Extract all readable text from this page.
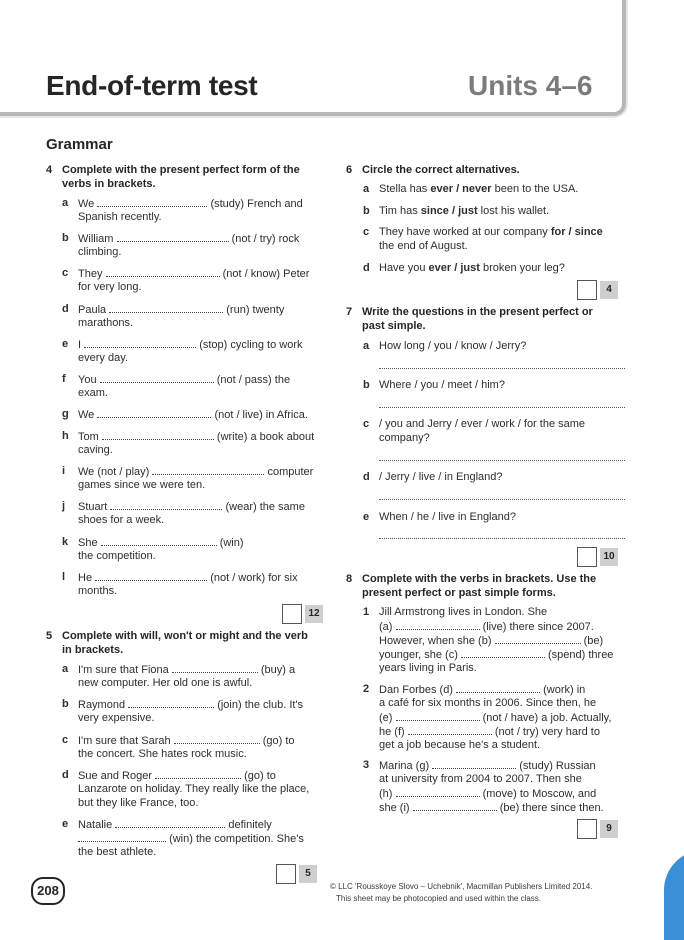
End-of-term test	Units 4–6
Grammar
4 Complete with the present perfect form of the
verbs in brackets.
a We	(study) French and
Spanish recently.
b William	(not / try) rock
climbing.
c They	(not / know) Peter
for very long.
d Paula	(run) twenty
marathons.
e I	(stop) cycling to work
every day.
f You	(not / pass) the
exam.
g We	(not / live) in Africa.
h Tom	(write) a book about
caving.
i We (not / play)	computer
games since we were ten.
j Stuart	(wear) the same
shoes for a week.
k She	(win)
the competition.
l He	(not / work) for six
months.
12
5 Complete with will, won't or might and the verb
in brackets.
a I'm sure that Fiona	(buy) a
new computer. Her old one is awful.
b Raymond	(join) the club. It's
very expensive.
c I'm sure that Sarah	(go) to
the concert. She hates rock music.
d Sue and Roger	(go) to
Lanzarote on holiday. They really like the place,
but they like France, too.
e Natalie	definitely
(win) the competition. She's
the best athlete.
5
6 Circle the correct alternatives.
a Stella has ever / never been to the USA.
b Tim has since / just lost his wallet.
c They have worked at our company for / since
the end of August.
d Have you ever / just broken your leg?
4
7 Write the questions in the present perfect or
past simple.
a How long / you / know / Jerry?
b Where / you / meet / him?
c / you and Jerry / ever / work / for the same
company?
d / Jerry / live / in England?
e When / he / live in England?
10
8 Complete with the verbs in brackets. Use the
present perfect or past simple forms.
1 Jill Armstrong lives in London. She
(a)	(live) there since 2007.
However, when she (b)	(be)
younger, she (c)	(spend) three
years living in Paris.
2 Dan Forbes (d)	(work) in
a café for six months in 2006. Since then, he
(e)	(not / have) a job. Actually,
he (f)	(not / try) very hard to
get a job because he's a student.
3 Marina (g)	(study) Russian
at university from 2004 to 2007. Then she
(h)	(move) to Moscow, and
she (i)	(be) there since then.
9
208	© LLC 'Rousskoye Slovo – Uchebnik', Macmillan Publishers Limited 2014.
This sheet may be photocopied and used within the class.
